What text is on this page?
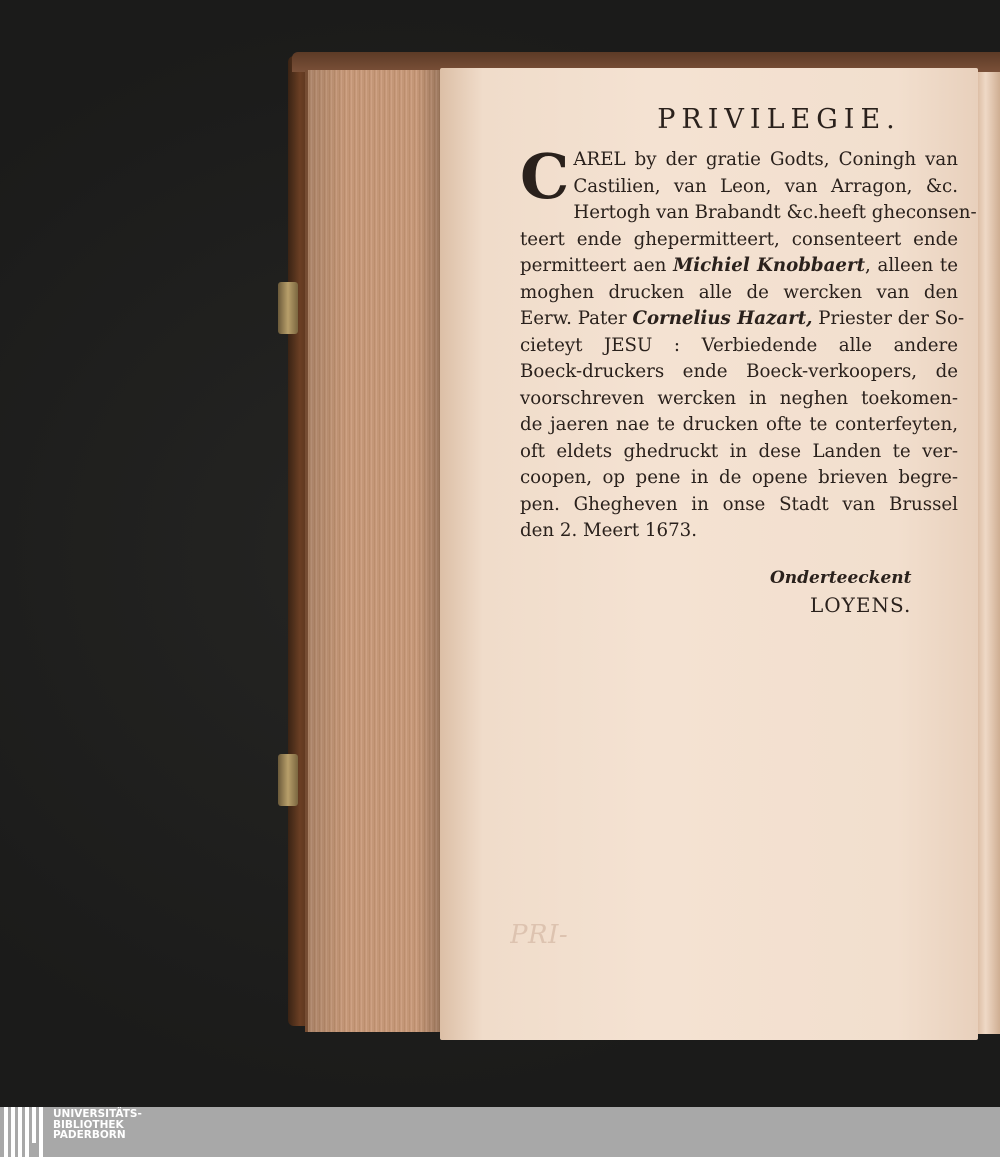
PRI-
PRIVILEGIE.
C AREL by der gratie Godts, Coningh van
Castilien, van Leon, van Arragon, &c.
Hertogh van Brabandt &c.heeft gheconsen-
teert ende ghepermitteert, consenteert ende
permitteert aen Michiel Knobbaert, alleen te
moghen drucken alle de wercken van den
Eerw. Pater Cornelius Hazart, Priester der So-
cieteyt JESU : Verbiedende alle andere
Boeck-druckers ende Boeck-verkoopers, de
voorschreven wercken in neghen toekomen-
de jaeren nae te drucken ofte te conterfeyten,
oft eldets ghedruckt in dese Landen te ver-
coopen, op pene in de opene brieven begre-
pen. Ghegheven in onse Stadt van Brussel
den 2. Meert 1673.
Onderteeckent
LOYENS.
UNIVERSITÄTS-
BIBLIOTHEK
PADERBORN
